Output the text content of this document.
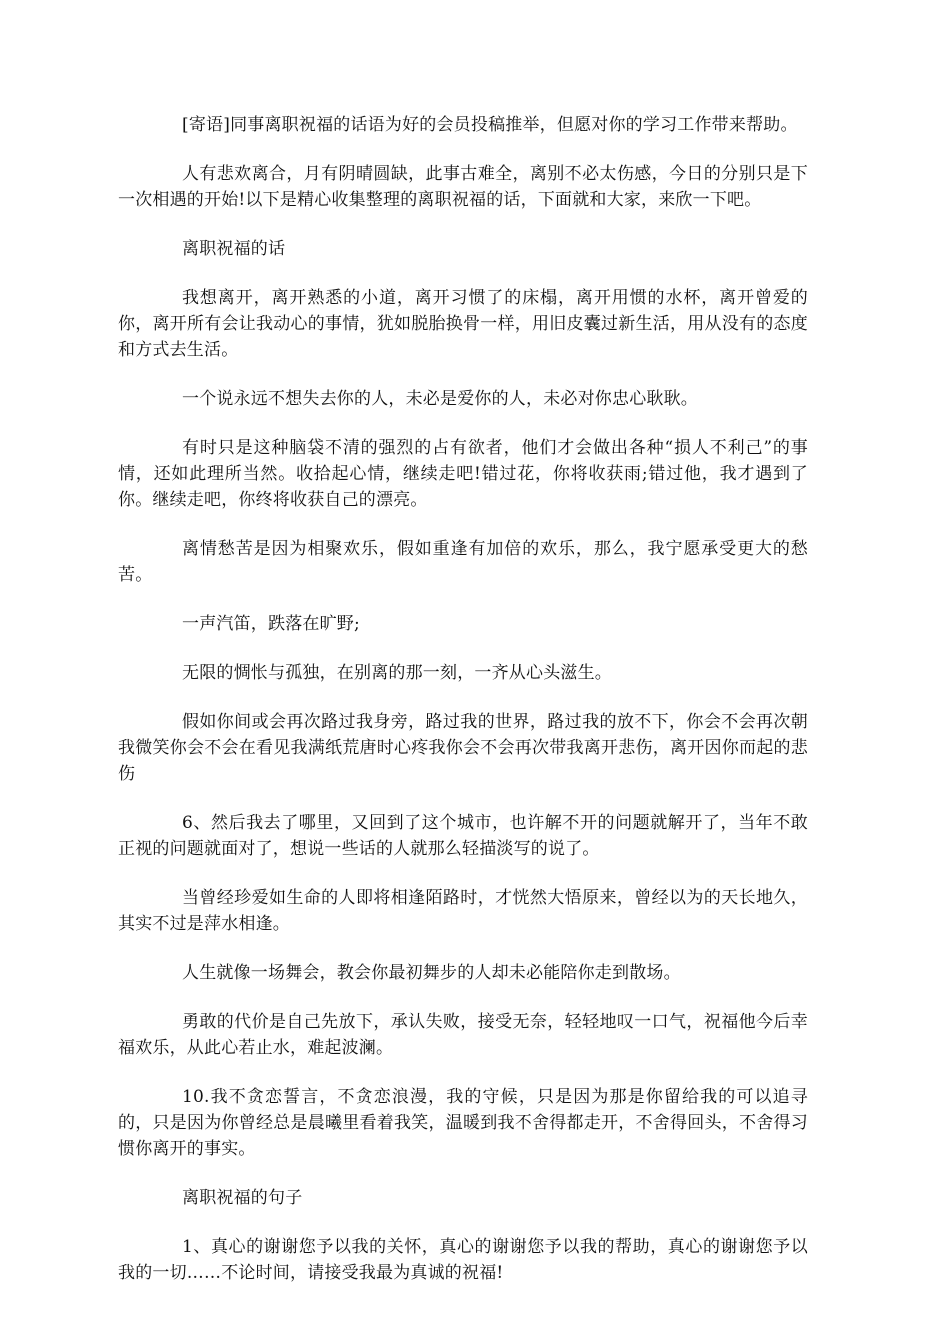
[寄语]同事离职祝福的话语为好的会员投稿推举，但愿对你的学习工作带来帮助。

人有悲欢离合，月有阴晴圆缺，此事古难全，离别不必太伤感，今日的分别只是下一次相遇的开始!以下是精心收集整理的离职祝福的话，下面就和大家，来欣一下吧。

离职祝福的话

我想离开，离开熟悉的小道，离开习惯了的床榻，离开用惯的水杯，离开曾爱的你，离开所有会让我动心的事情，犹如脱胎换骨一样，用旧皮囊过新生活，用从没有的态度和方式去生活。

一个说永远不想失去你的人，未必是爱你的人，未必对你忠心耿耿。

有时只是这种脑袋不清的强烈的占有欲者，他们才会做出各种“损人不利己”的事情，还如此理所当然。收拾起心情，继续走吧!错过花，你将收获雨;错过他，我才遇到了你。继续走吧，你终将收获自己的漂亮。

离情愁苦是因为相聚欢乐，假如重逢有加倍的欢乐，那么，我宁愿承受更大的愁苦。

一声汽笛，跌落在旷野;

无限的惆怅与孤独，在别离的那一刻，一齐从心头滋生。

假如你间或会再次路过我身旁，路过我的世界，路过我的放不下，你会不会再次朝我微笑你会不会在看见我满纸荒唐时心疼我你会不会再次带我离开悲伤，离开因你而起的悲伤

6、然后我去了哪里，又回到了这个城市，也许解不开的问题就解开了，当年不敢正视的问题就面对了，想说一些话的人就那么轻描淡写的说了。

当曾经珍爱如生命的人即将相逢陌路时，才恍然大悟原来，曾经以为的天长地久，其实不过是萍水相逢。

人生就像一场舞会，教会你最初舞步的人却未必能陪你走到散场。

勇敢的代价是自己先放下，承认失败，接受无奈，轻轻地叹一口气，祝福他今后幸福欢乐，从此心若止水，难起波澜。

10.我不贪恋誓言，不贪恋浪漫，我的守候，只是因为那是你留给我的可以追寻的，只是因为你曾经总是晨曦里看着我笑，温暖到我不舍得都走开，不舍得回头，不舍得习惯你离开的事实。

离职祝福的句子

1、真心的谢谢您予以我的关怀，真心的谢谢您予以我的帮助，真心的谢谢您予以我的一切……不论时间，请接受我最为真诚的祝福!
